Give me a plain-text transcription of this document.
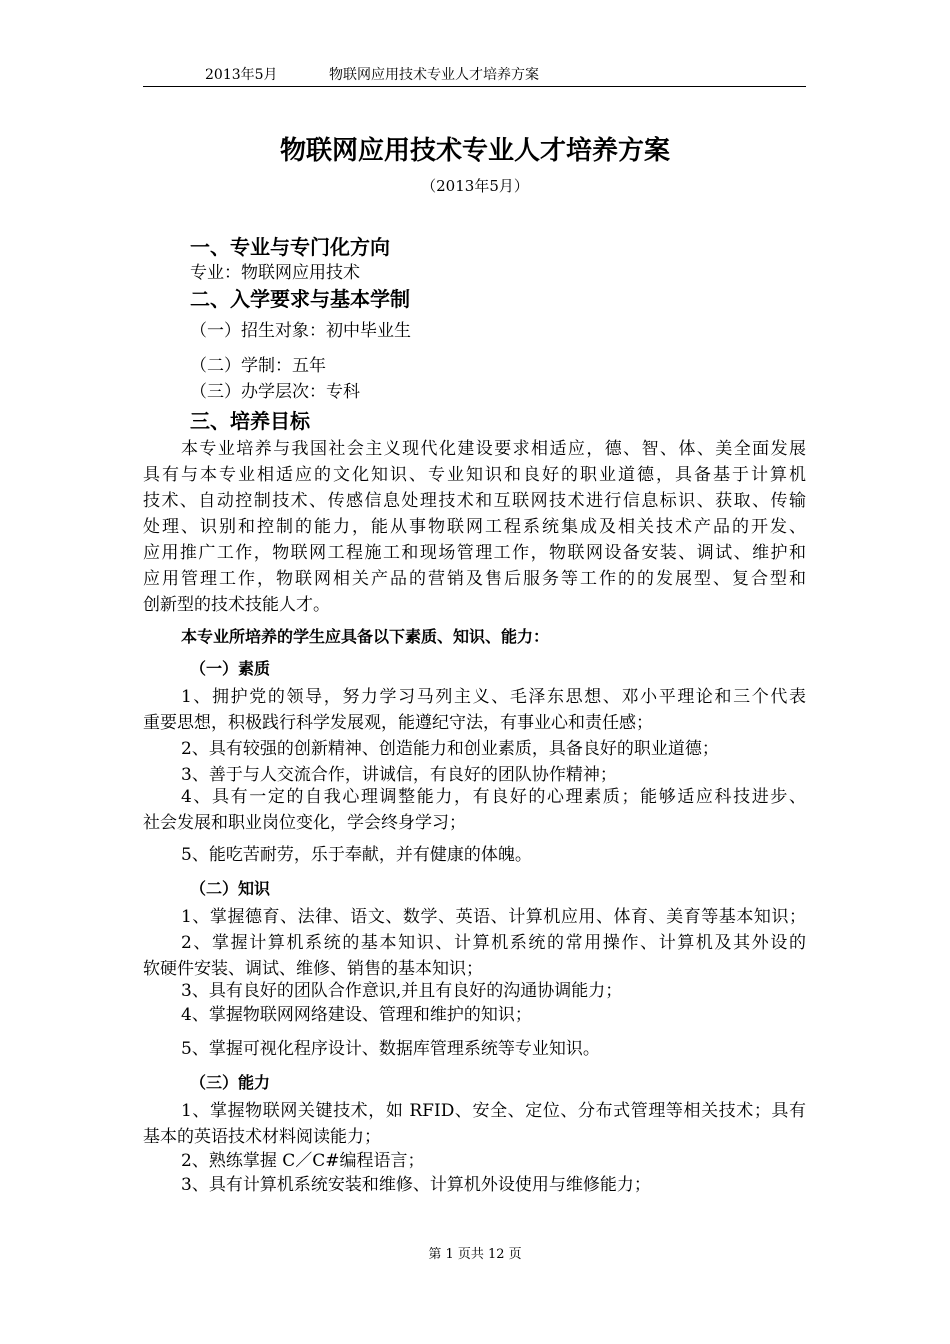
2013年5月	物联网应用技术专业人才培养方案
物联网应用技术专业人才培养方案
（2013年5月）
一、专业与专门化方向
专业：物联网应用技术
二、入学要求与基本学制
（一）招生对象：初中毕业生
（二）学制：五年
（三）办学层次：专科
三、培养目标
本专业培养与我国社会主义现代化建设要求相适应，德、智、体、美全面发展
具有与本专业相适应的文化知识、专业知识和良好的职业道德，具备基于计算机
技术、自动控制技术、传感信息处理技术和互联网技术进行信息标识、获取、传输
处理、识别和控制的能力，能从事物联网工程系统集成及相关技术产品的开发、
应用推广工作，物联网工程施工和现场管理工作，物联网设备安装、调试、维护和
应用管理工作，物联网相关产品的营销及售后服务等工作的的发展型、复合型和
创新型的技术技能人才。
本专业所培养的学生应具备以下素质、知识、能力：
（一）素质
1、拥护党的领导，努力学习马列主义、毛泽东思想、邓小平理论和三个代表
重要思想，积极践行科学发展观，能遵纪守法，有事业心和责任感；
2、具有较强的创新精神、创造能力和创业素质，具备良好的职业道德；
3、善于与人交流合作，讲诚信，有良好的团队协作精神；
4、具有一定的自我心理调整能力，有良好的心理素质；能够适应科技进步、
社会发展和职业岗位变化，学会终身学习；
5、能吃苦耐劳，乐于奉献，并有健康的体魄。
（二）知识
1、掌握德育、法律、语文、数学、英语、计算机应用、体育、美育等基本知识；
2、掌握计算机系统的基本知识、计算机系统的常用操作、计算机及其外设的
软硬件安装、调试、维修、销售的基本知识；
3、具有良好的团队合作意识,并且有良好的沟通协调能力；
4、掌握物联网网络建设、管理和维护的知识；
5、掌握可视化程序设计、数据库管理系统等专业知识。
（三）能力
1、掌握物联网关键技术，如 RFID、安全、定位、分布式管理等相关技术；具有
基本的英语技术材料阅读能力；
2、熟练掌握 C／C#编程语言；
3、具有计算机系统安装和维修、计算机外设使用与维修能力；
第 1 页共 12 页
